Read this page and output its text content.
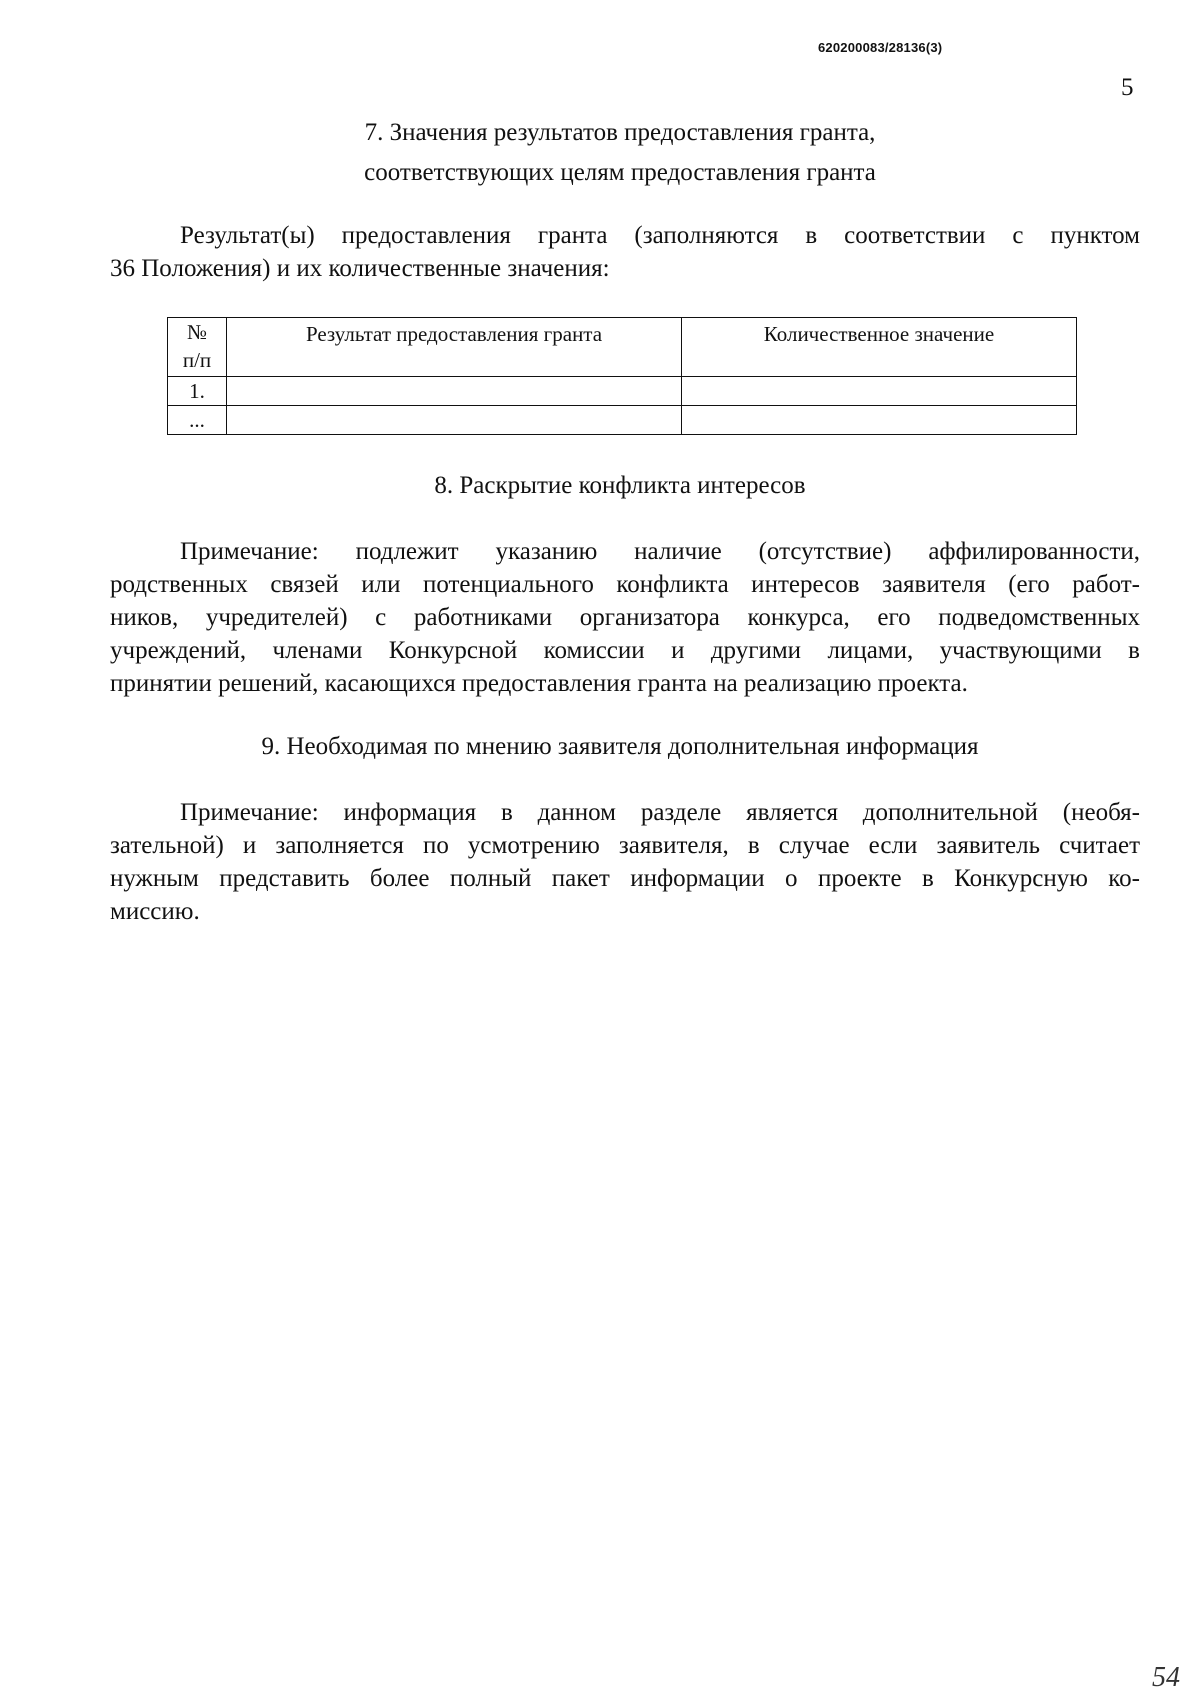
620200083/28136(3)
5
7. Значения результатов предоставления гранта,
соответствующих целям предоставления гранта
Результат(ы) предоставления гранта (заполняются в соответствии с пунктом
36 Положения) и их количественные значения:
№
п/п	Результат предоставления гранта	Количественное значение
1.		
...		
8. Раскрытие конфликта интересов
Примечание: подлежит указанию наличие (отсутствие) аффилированности,
родственных связей или потенциального конфликта интересов заявителя (его работ-
ников, учредителей) с работниками организатора конкурса, его подведомственных
учреждений, членами Конкурсной комиссии и другими лицами, участвующими в
принятии решений, касающихся предоставления гранта на реализацию проекта.
9. Необходимая по мнению заявителя дополнительная информация
Примечание: информация в данном разделе является дополнительной (необя-
зательной) и заполняется по усмотрению заявителя, в случае если заявитель считает
нужным представить более полный пакет информации о проекте в Конкурсную ко-
миссию.
54
